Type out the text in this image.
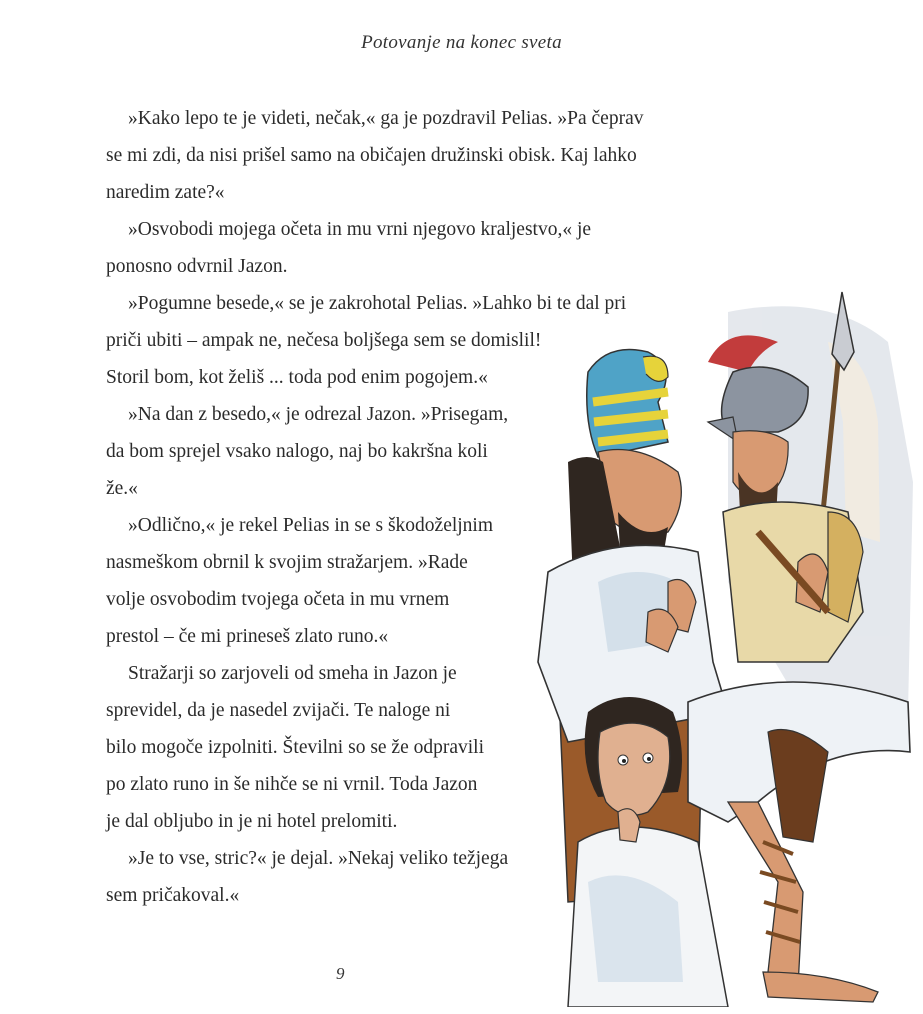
Potovanje na konec sveta
»Kako lepo te je videti, nečak,« ga je pozdravil Pelias. »Pa čeprav
se mi zdi, da nisi prišel samo na običajen družinski obisk. Kaj lahko
naredim zate?«
»Osvobodi mojega očeta in mu vrni njegovo kraljestvo,« je
ponosno odvrnil Jazon.
»Pogumne besede,« se je zakrohotal Pelias. »Lahko bi te dal pri
priči ubiti – ampak ne, nečesa boljšega sem se domislil!
Storil bom, kot želiš ... toda pod enim pogojem.«
»Na dan z besedo,« je odrezal Jazon. »Prisegam,
da bom sprejel vsako nalogo, naj bo kakršna koli
že.«
»Odlično,« je rekel Pelias in se s škodoželjnim
nasmeškom obrnil k svojim stražarjem. »Rade
volje osvobodim tvojega očeta in mu vrnem
prestol – če mi prineseš zlato runo.«
Stražarji so zarjoveli od smeha in Jazon je
sprevidel, da je nasedel zvijači. Te naloge ni
bilo mogoče izpolniti. Številni so se že odpravili
po zlato runo in še nihče se ni vrnil. Toda Jazon
je dal obljubo in je ni hotel prelomiti.
»Je to vse, stric?« je dejal. »Nekaj veliko težjega
sem pričakoval.«
9
